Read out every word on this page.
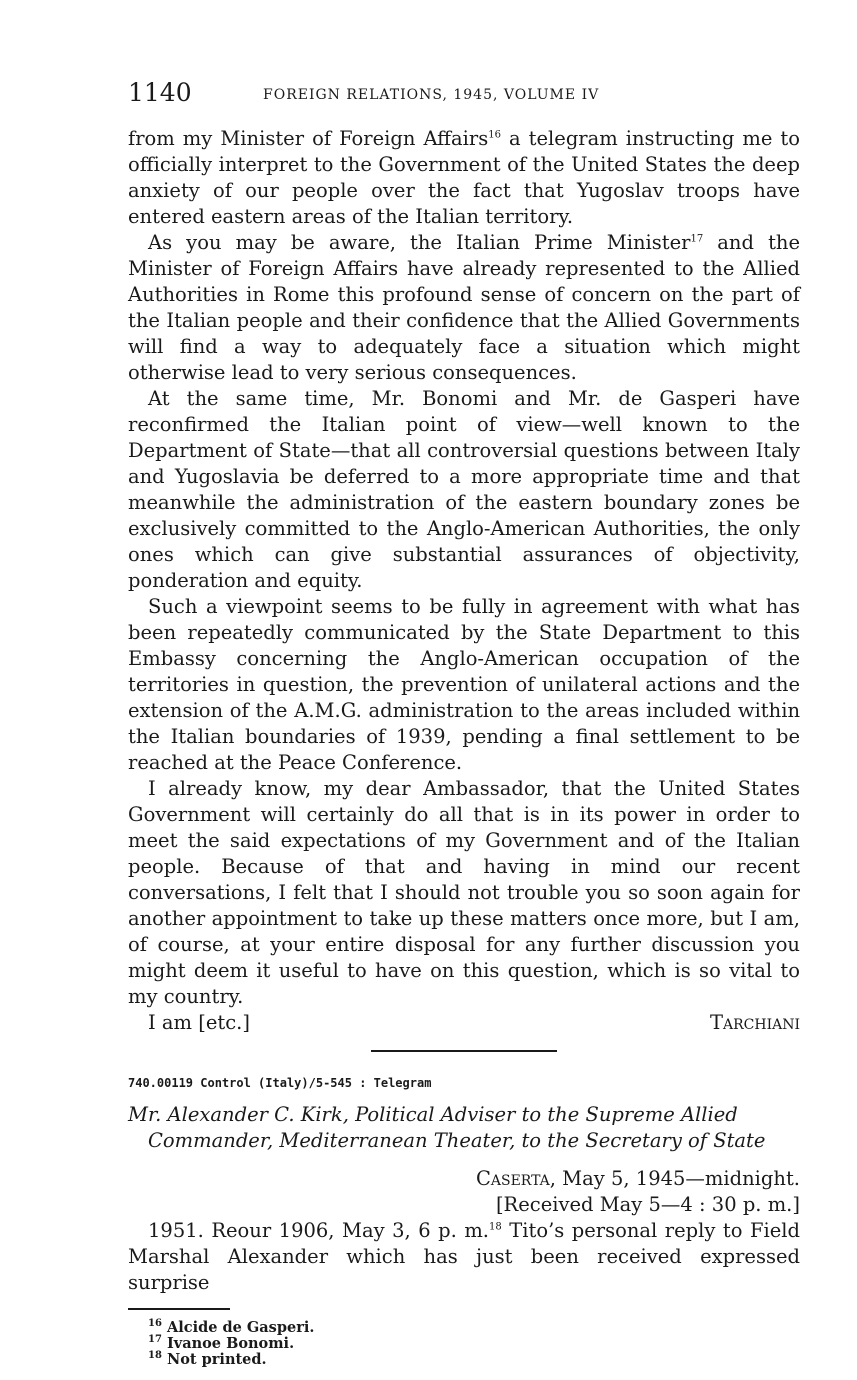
1140	FOREIGN RELATIONS, 1945, VOLUME IV

from my Minister of Foreign Affairs$^{16}$ a telegram instructing me to officially interpret to the Government of the United States the deep anxiety of our people over the fact that Yugoslav troops have entered eastern areas of the Italian territory.

As you may be aware, the Italian Prime Minister$^{17}$ and the Minister of Foreign Affairs have already represented to the Allied Authorities in Rome this profound sense of concern on the part of the Italian people and their confidence that the Allied Governments will find a way to adequately face a situation which might otherwise lead to very serious consequences.

At the same time, Mr. Bonomi and Mr. de Gasperi have reconfirmed the Italian point of view—well known to the Department of State—that all controversial questions between Italy and Yugoslavia be deferred to a more appropriate time and that meanwhile the administration of the eastern boundary zones be exclusively committed to the Anglo-American Authorities, the only ones which can give substantial assurances of objectivity, ponderation and equity.

Such a viewpoint seems to be fully in agreement with what has been repeatedly communicated by the State Department to this Embassy concerning the Anglo-American occupation of the territories in question, the prevention of unilateral actions and the extension of the A.M.G. administration to the areas included within the Italian boundaries of 1939, pending a final settlement to be reached at the Peace Conference.

I already know, my dear Ambassador, that the United States Government will certainly do all that is in its power in order to meet the said expectations of my Government and of the Italian people. Because of that and having in mind our recent conversations, I felt that I should not trouble you so soon again for another appointment to take up these matters once more, but I am, of course, at your entire disposal for any further discussion you might deem it useful to have on this question, which is so vital to my country.

I am [etc.]	Tarchiani
740.00119 Control (Italy)/5-545 : Telegram
Mr. Alexander C. Kirk, Political Adviser to the Supreme Allied Commander, Mediterranean Theater, to the Secretary of State
Caserta, May 5, 1945—midnight.
[Received May 5—4 : 30 p. m.]

1951. Reour 1906, May 3, 6 p. m.$^{18}$ Tito’s personal reply to Field Marshal Alexander which has just been received expressed surprise

$^{16}$ Alcide de Gasperi.
$^{17}$ Ivanoe Bonomi.
$^{18}$ Not printed.
